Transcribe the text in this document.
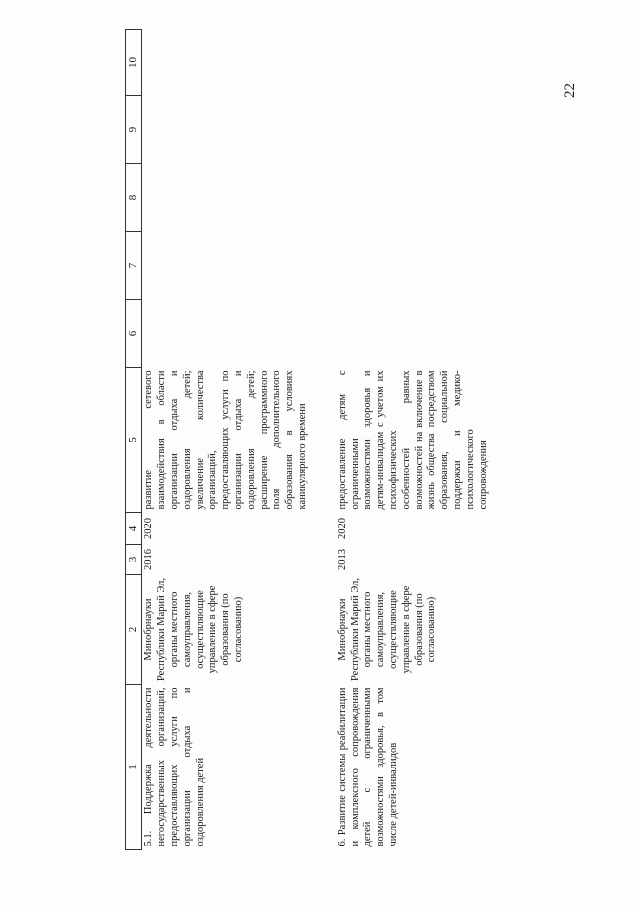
22
1	2	3	4	5	6	7	8	9	10
5.1. Поддержка деятельности негосударственных организаций, предоставляющих услуги по организации отдыха и оздоровления детей	Минобрнауки Республики Марий Эл, органы местного самоуправления, осуществляющие управление в сфере образования (по согласованию)	2016	2020	развитие сетевого взаимодействия в области организации отдыха и оздоровления детей; увеличение количества организаций, предоставляющих услуги по организации отдыха и оздоровления детей; расширение программного поля дополнительного образования в условиях каникулярного времени					
6. Развитие системы реабилитации и комплексного сопровождения детей с ограниченными возможностями здоровья, в том числе детей-инвалидов	Минобрнауки Республики Марий Эл, органы местного самоуправления, осуществляющие управление в сфере образования (по согласованию)	2013	2020	предоставление детям с ограниченными возможностями здоровья и детям-инвалидам с учетом их психофизических особенностей равных возможностей на включение в жизнь общества посредством образования, социальной поддержки и медико-психологического сопровождения					
